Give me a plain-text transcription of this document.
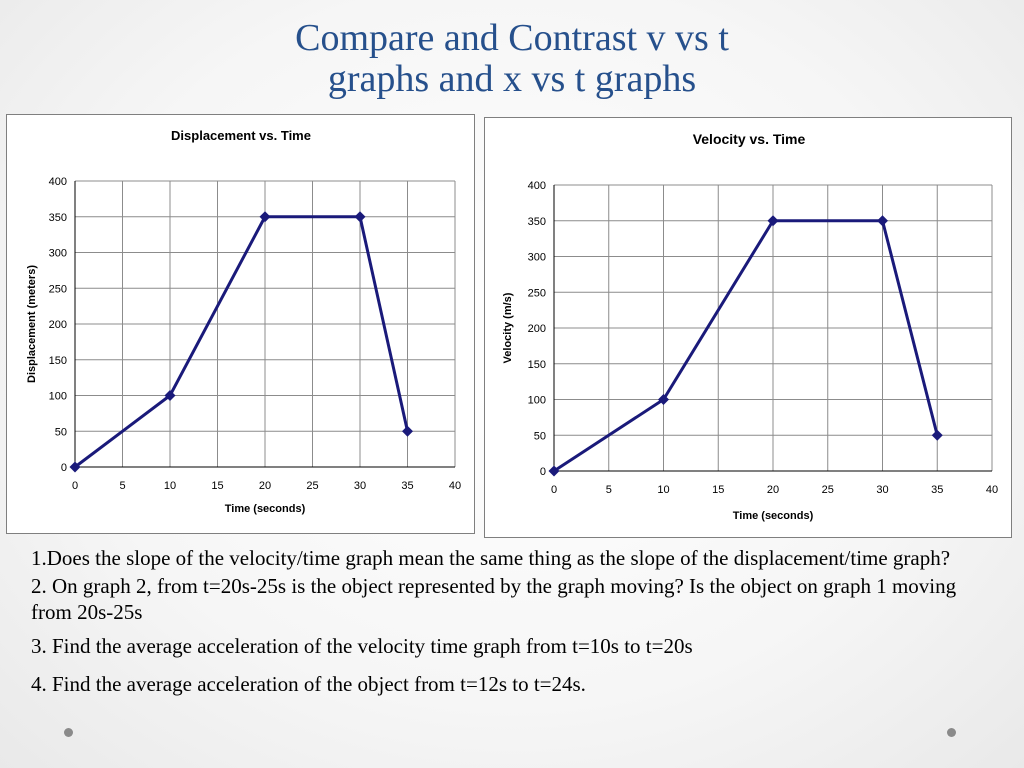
Compare and Contrast v vs t
graphs and x vs t graphs
Displacement vs. Time
0
50
100
150
200
250
300
350
400
0	5	10	15	20	25	30	35	40
Time (seconds)
Displacement (meters)
Velocity vs. Time
0
50
100
150
200
250
300
350
400
0	5	10	15	20	25	30	35	40
Time (seconds)
Velocity (m/s)

1.Does the slope of the velocity/time graph mean the same thing as the slope of the displacement/time graph?

2. On graph 2, from t=20s-25s is the object represented by the graph moving? Is the object on graph 1 moving from 20s-25s

3. Find the average acceleration of the velocity time graph from t=10s to t=20s

4. Find the average acceleration of the object from t=12s to t=24s.
